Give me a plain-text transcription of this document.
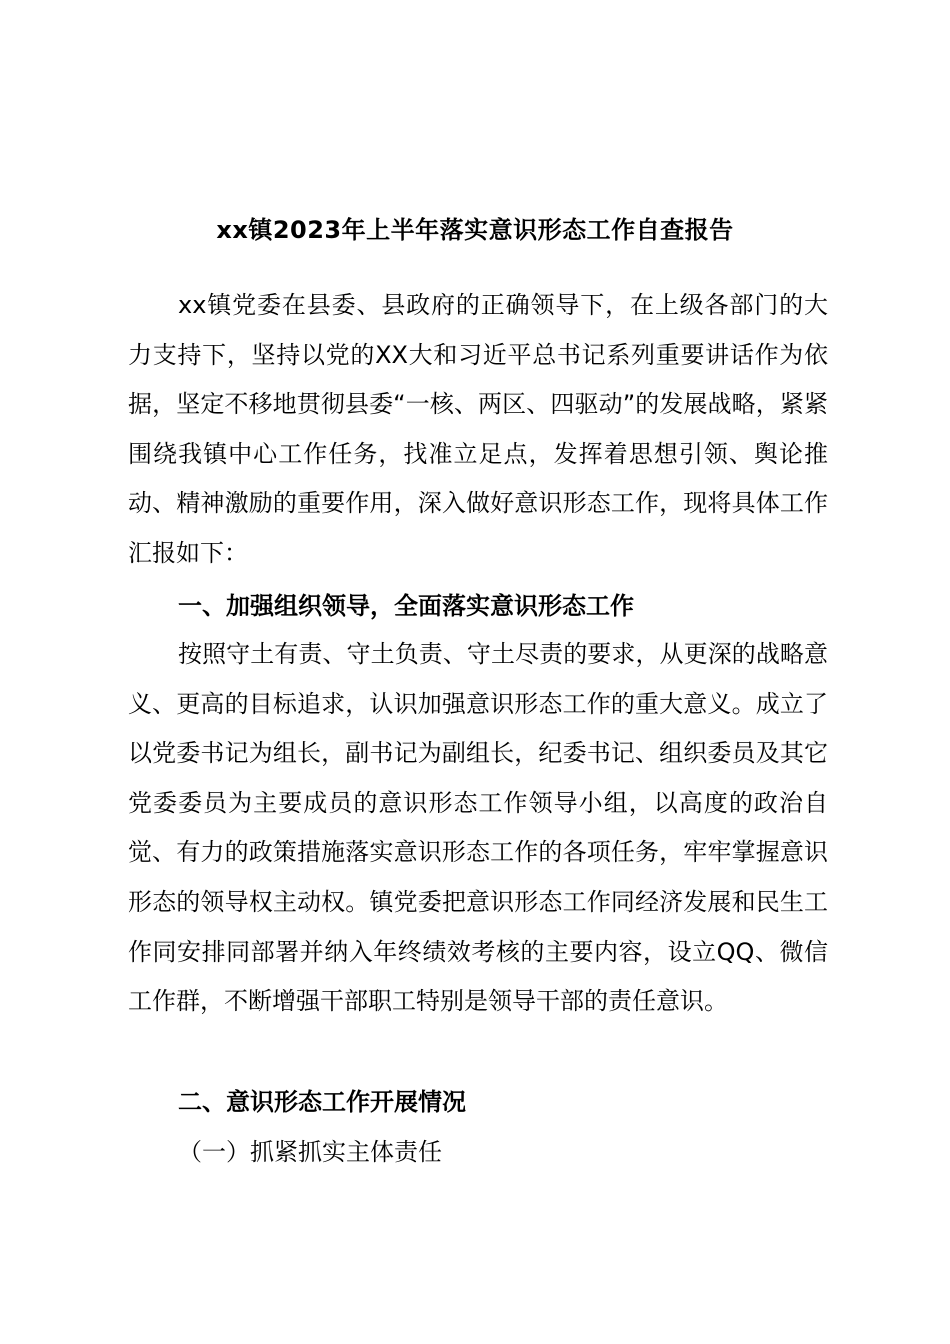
xx镇2023年上半年落实意识形态工作自查报告

xx镇党委在县委、县政府的正确领导下，在上级各部门的大力支持下，坚持以党的XX大和习近平总书记系列重要讲话作为依据，坚定不移地贯彻县委“一核、两区、四驱动”的发展战略，紧紧围绕我镇中心工作任务，找准立足点，发挥着思想引领、舆论推动、精神激励的重要作用，深入做好意识形态工作，现将具体工作汇报如下：

一、加强组织领导，全面落实意识形态工作

按照守土有责、守土负责、守土尽责的要求，从更深的战略意义、更高的目标追求，认识加强意识形态工作的重大意义。成立了以党委书记为组长，副书记为副组长，纪委书记、组织委员及其它党委委员为主要成员的意识形态工作领导小组，以高度的政治自觉、有力的政策措施落实意识形态工作的各项任务，牢牢掌握意识形态的领导权主动权。镇党委把意识形态工作同经济发展和民生工作同安排同部署并纳入年终绩效考核的主要内容，设立QQ、微信工作群，不断增强干部职工特别是领导干部的责任意识。

二、意识形态工作开展情况

（一）抓紧抓实主体责任
